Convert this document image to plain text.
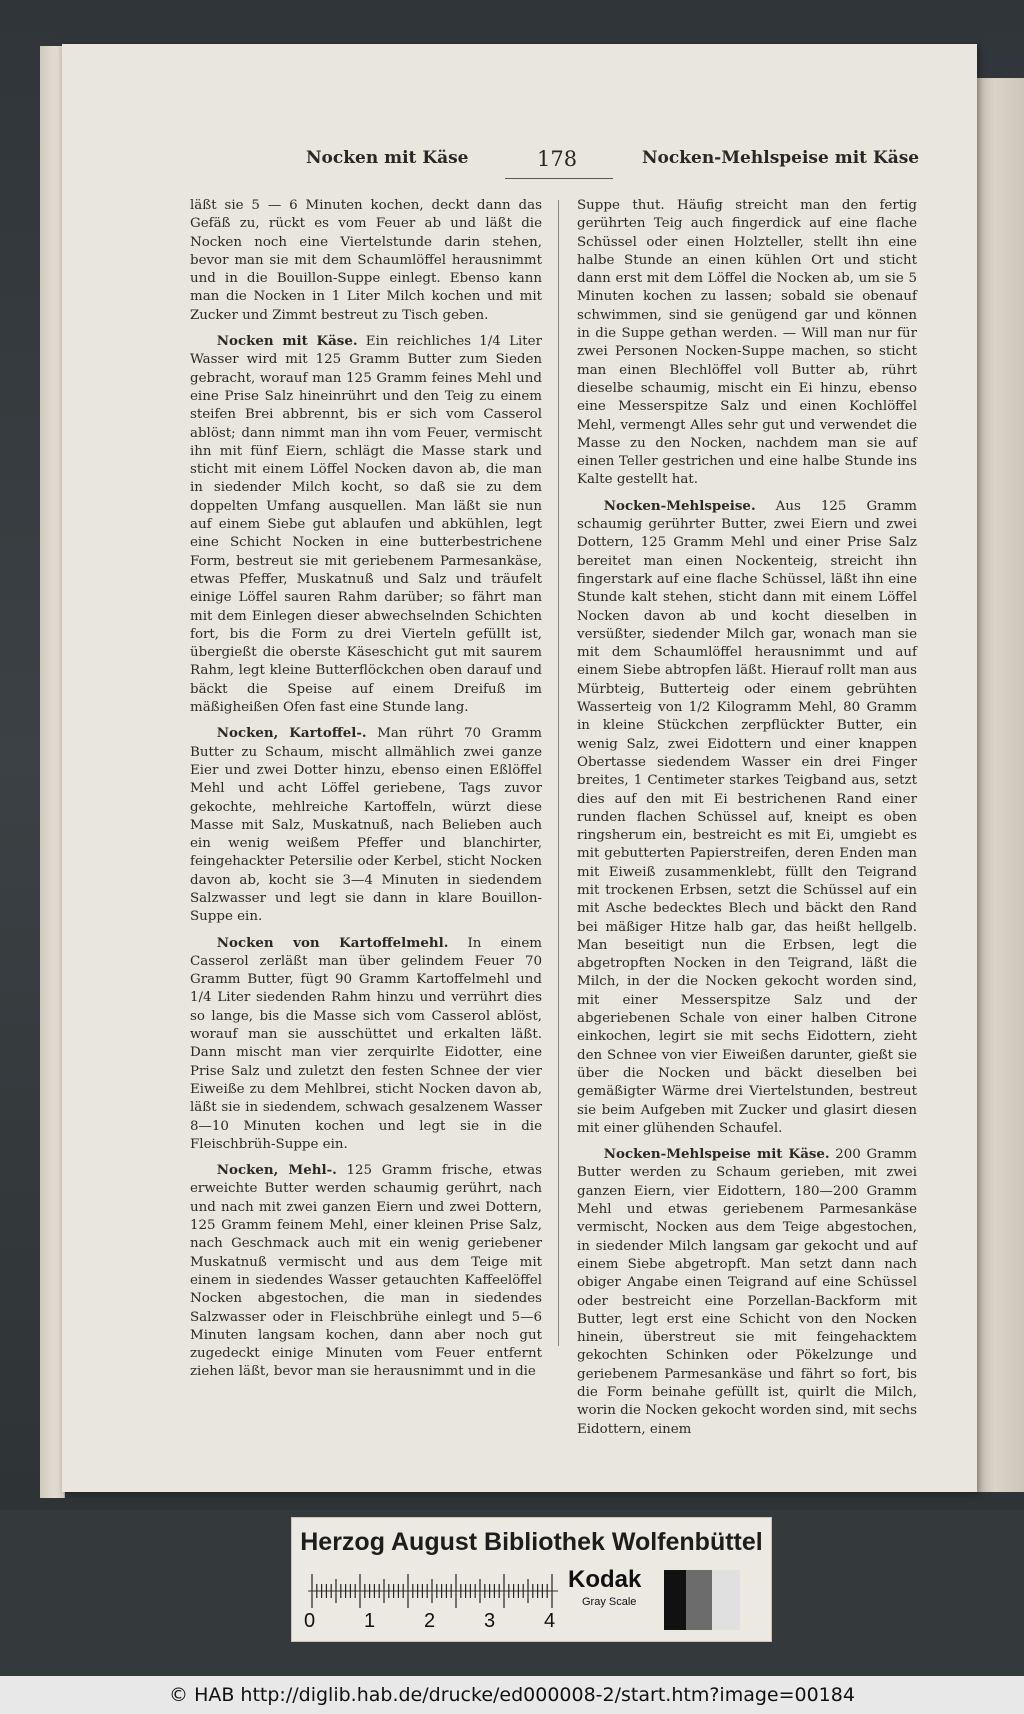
Nocken mit Käse	178	Nocken-Mehlspeise mit Käse

läßt sie 5 — 6 Minuten kochen, deckt dann das Gefäß zu, rückt es vom Feuer ab und läßt die Nocken noch eine Viertelstunde darin stehen, bevor man sie mit dem Schaumlöffel herausnimmt und in die Bouillon-Suppe einlegt. Ebenso kann man die Nocken in 1 Liter Milch kochen und mit Zucker und Zimmt bestreut zu Tisch geben.

Nocken mit Käse. Ein reichliches 1/4 Liter Wasser wird mit 125 Gramm Butter zum Sieden gebracht, worauf man 125 Gramm feines Mehl und eine Prise Salz hineinrührt und den Teig zu einem steifen Brei abbrennt, bis er sich vom Casserol ablöst; dann nimmt man ihn vom Feuer, vermischt ihn mit fünf Eiern, schlägt die Masse stark und sticht mit einem Löffel Nocken davon ab, die man in siedender Milch kocht, so daß sie zu dem doppelten Umfang ausquellen. Man läßt sie nun auf einem Siebe gut ablaufen und abkühlen, legt eine Schicht Nocken in eine butterbestrichene Form, bestreut sie mit geriebenem Parmesankäse, etwas Pfeffer, Muskatnuß und Salz und träufelt einige Löffel sauren Rahm darüber; so fährt man mit dem Einlegen dieser abwechselnden Schichten fort, bis die Form zu drei Vierteln gefüllt ist, übergießt die oberste Käseschicht gut mit saurem Rahm, legt kleine Butterflöckchen oben darauf und bäckt die Speise auf einem Dreifuß im mäßigheißen Ofen fast eine Stunde lang.

Nocken, Kartoffel-. Man rührt 70 Gramm Butter zu Schaum, mischt allmählich zwei ganze Eier und zwei Dotter hinzu, ebenso einen Eßlöffel Mehl und acht Löffel geriebene, Tags zuvor gekochte, mehlreiche Kartoffeln, würzt diese Masse mit Salz, Muskatnuß, nach Belieben auch ein wenig weißem Pfeffer und blanchirter, feingehackter Petersilie oder Kerbel, sticht Nocken davon ab, kocht sie 3—4 Minuten in siedendem Salzwasser und legt sie dann in klare Bouillon-Suppe ein.

Nocken von Kartoffelmehl. In einem Casserol zerläßt man über gelindem Feuer 70 Gramm Butter, fügt 90 Gramm Kartoffelmehl und 1/4 Liter siedenden Rahm hinzu und verrührt dies so lange, bis die Masse sich vom Casserol ablöst, worauf man sie ausschüttet und erkalten läßt. Dann mischt man vier zerquirlte Eidotter, eine Prise Salz und zuletzt den festen Schnee der vier Eiweiße zu dem Mehlbrei, sticht Nocken davon ab, läßt sie in siedendem, schwach gesalzenem Wasser 8—10 Minuten kochen und legt sie in die Fleischbrüh-Suppe ein.

Nocken, Mehl-. 125 Gramm frische, etwas erweichte Butter werden schaumig gerührt, nach und nach mit zwei ganzen Eiern und zwei Dottern, 125 Gramm feinem Mehl, einer kleinen Prise Salz, nach Geschmack auch mit ein wenig geriebener Muskatnuß vermischt und aus dem Teige mit einem in siedendes Wasser getauchten Kaffeelöffel Nocken abgestochen, die man in siedendes Salzwasser oder in Fleischbrühe einlegt und 5—6 Minuten langsam kochen, dann aber noch gut zugedeckt einige Minuten vom Feuer entfernt ziehen läßt, bevor man sie herausnimmt und in die

Suppe thut. Häufig streicht man den fertig gerührten Teig auch fingerdick auf eine flache Schüssel oder einen Holzteller, stellt ihn eine halbe Stunde an einen kühlen Ort und sticht dann erst mit dem Löffel die Nocken ab, um sie 5 Minuten kochen zu lassen; sobald sie obenauf schwimmen, sind sie genügend gar und können in die Suppe gethan werden. — Will man nur für zwei Personen Nocken-Suppe machen, so sticht man einen Blechlöffel voll Butter ab, rührt dieselbe schaumig, mischt ein Ei hinzu, ebenso eine Messerspitze Salz und einen Kochlöffel Mehl, vermengt Alles sehr gut und verwendet die Masse zu den Nocken, nachdem man sie auf einen Teller gestrichen und eine halbe Stunde ins Kalte gestellt hat.

Nocken-Mehlspeise. Aus 125 Gramm schaumig gerührter Butter, zwei Eiern und zwei Dottern, 125 Gramm Mehl und einer Prise Salz bereitet man einen Nockenteig, streicht ihn fingerstark auf eine flache Schüssel, läßt ihn eine Stunde kalt stehen, sticht dann mit einem Löffel Nocken davon ab und kocht dieselben in versüßter, siedender Milch gar, wonach man sie mit dem Schaumlöffel herausnimmt und auf einem Siebe abtropfen läßt. Hierauf rollt man aus Mürbteig, Butterteig oder einem gebrühten Wasserteig von 1/2 Kilogramm Mehl, 80 Gramm in kleine Stückchen zerpflückter Butter, ein wenig Salz, zwei Eidottern und einer knappen Obertasse siedendem Wasser ein drei Finger breites, 1 Centimeter starkes Teigband aus, setzt dies auf den mit Ei bestrichenen Rand einer runden flachen Schüssel auf, kneipt es oben ringsherum ein, bestreicht es mit Ei, umgiebt es mit gebutterten Papierstreifen, deren Enden man mit Eiweiß zusammenklebt, füllt den Teigrand mit trockenen Erbsen, setzt die Schüssel auf ein mit Asche bedecktes Blech und bäckt den Rand bei mäßiger Hitze halb gar, das heißt hellgelb. Man beseitigt nun die Erbsen, legt die abgetropften Nocken in den Teigrand, läßt die Milch, in der die Nocken gekocht worden sind, mit einer Messerspitze Salz und der abgeriebenen Schale von einer halben Citrone einkochen, legirt sie mit sechs Eidottern, zieht den Schnee von vier Eiweißen darunter, gießt sie über die Nocken und bäckt dieselben bei gemäßigter Wärme drei Viertelstunden, bestreut sie beim Aufgeben mit Zucker und glasirt diesen mit einer glühenden Schaufel.

Nocken-Mehlspeise mit Käse. 200 Gramm Butter werden zu Schaum gerieben, mit zwei ganzen Eiern, vier Eidottern, 180—200 Gramm Mehl und etwas geriebenem Parmesankäse vermischt, Nocken aus dem Teige abgestochen, in siedender Milch langsam gar gekocht und auf einem Siebe abgetropft. Man setzt dann nach obiger Angabe einen Teigrand auf eine Schüssel oder bestreicht eine Porzellan-Backform mit Butter, legt erst eine Schicht von den Nocken hinein, überstreut sie mit feingehacktem gekochten Schinken oder Pökelzunge und geriebenem Parmesankäse und fährt so fort, bis die Form beinahe gefüllt ist, quirlt die Milch, worin die Nocken gekocht worden sind, mit sechs Eidottern, einem

Herzog August Bibliothek Wolfenbüttel
0 1 2 3 4
Kodak
Gray Scale
© HAB http://diglib.hab.de/drucke/ed000008-2/start.htm?image=00184
